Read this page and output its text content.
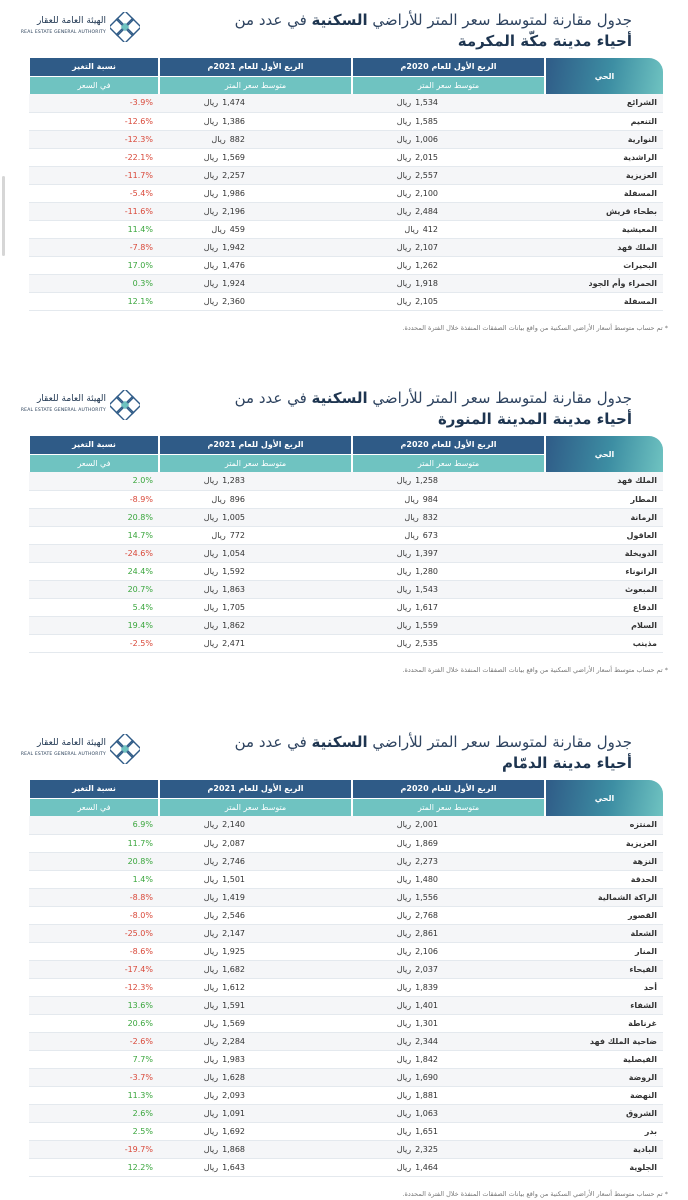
الهيئة العامة للعقار
REAL ESTATE GENERAL AUTHORITY
جدول مقارنة لمتوسط سعر المتر للأراضي السكنية في عدد من
أحياء مدينة مكّة المكرمة
الحي	الربع الأول للعام 2020م	الربع الأول للعام 2021م	نسبة التغير
	متوسط سعر المتر	متوسط سعر المتر	في السعر
الشرائع	1,534ريال	1,474ريال	-3.9%
التنعيم	1,585ريال	1,386ريال	-12.6%
النوارية	1,006ريال	882ريال	-12.3%
الراشدية	2,015ريال	1,569ريال	-22.1%
العزيزية	2,557ريال	2,257ريال	-11.7%
المسفلة	2,100ريال	1,986ريال	-5.4%
بطحاء قريش	2,484ريال	2,196ريال	-11.6%
المعيشية	412ريال	459ريال	11.4%
الملك فهد	2,107ريال	1,942ريال	-7.8%
البحيرات	1,262ريال	1,476ريال	17.0%
الحمراء وأم الجود	1,918ريال	1,924ريال	0.3%
المسفلة	2,105ريال	2,360ريال	12.1%
* تم حساب متوسط أسعار الأراضي السكنية من واقع بيانات الصفقات المنفذة خلال الفترة المحددة.
الهيئة العامة للعقار
REAL ESTATE GENERAL AUTHORITY
جدول مقارنة لمتوسط سعر المتر للأراضي السكنية في عدد من
أحياء مدينة المدينة المنورة
الحي	الربع الأول للعام 2020م	الربع الأول للعام 2021م	نسبة التغير
	متوسط سعر المتر	متوسط سعر المتر	في السعر
الملك فهد	1,258ريال	1,283ريال	2.0%
المطار	984ريال	896ريال	-8.9%
الرمانة	832ريال	1,005ريال	20.8%
العاقول	673ريال	772ريال	14.7%
الدويخلة	1,397ريال	1,054ريال	-24.6%
الرانوناء	1,280ريال	1,592ريال	24.4%
المبعوث	1,543ريال	1,863ريال	20.7%
الدفاع	1,617ريال	1,705ريال	5.4%
السلام	1,559ريال	1,862ريال	19.4%
مذينب	2,535ريال	2,471ريال	-2.5%
* تم حساب متوسط أسعار الأراضي السكنية من واقع بيانات الصفقات المنفذة خلال الفترة المحددة.
الهيئة العامة للعقار
REAL ESTATE GENERAL AUTHORITY
جدول مقارنة لمتوسط سعر المتر للأراضي السكنية في عدد من
أحياء مدينة الدمّام
الحي	الربع الأول للعام 2020م	الربع الأول للعام 2021م	نسبة التغير
	متوسط سعر المتر	متوسط سعر المتر	في السعر
المنتزه	2,001ريال	2,140ريال	6.9%
العزيزية	1,869ريال	2,087ريال	11.7%
النزهة	2,273ريال	2,746ريال	20.8%
الحدقة	1,480ريال	1,501ريال	1.4%
الراكة الشمالية	1,556ريال	1,419ريال	-8.8%
القصور	2,768ريال	2,546ريال	-8.0%
الشعلة	2,861ريال	2,147ريال	-25.0%
المنار	2,106ريال	1,925ريال	-8.6%
الفيحاء	2,037ريال	1,682ريال	-17.4%
أحد	1,839ريال	1,612ريال	-12.3%
الشفاء	1,401ريال	1,591ريال	13.6%
غرناطة	1,301ريال	1,569ريال	20.6%
ضاحية الملك فهد	2,344ريال	2,284ريال	-2.6%
الفيصلية	1,842ريال	1,983ريال	7.7%
الروضة	1,690ريال	1,628ريال	-3.7%
النهضة	1,881ريال	2,093ريال	11.3%
الشروق	1,063ريال	1,091ريال	2.6%
بدر	1,651ريال	1,692ريال	2.5%
البادية	2,325ريال	1,868ريال	-19.7%
الجلوية	1,464ريال	1,643ريال	12.2%
* تم حساب متوسط أسعار الأراضي السكنية من واقع بيانات الصفقات المنفذة خلال الفترة المحددة.
